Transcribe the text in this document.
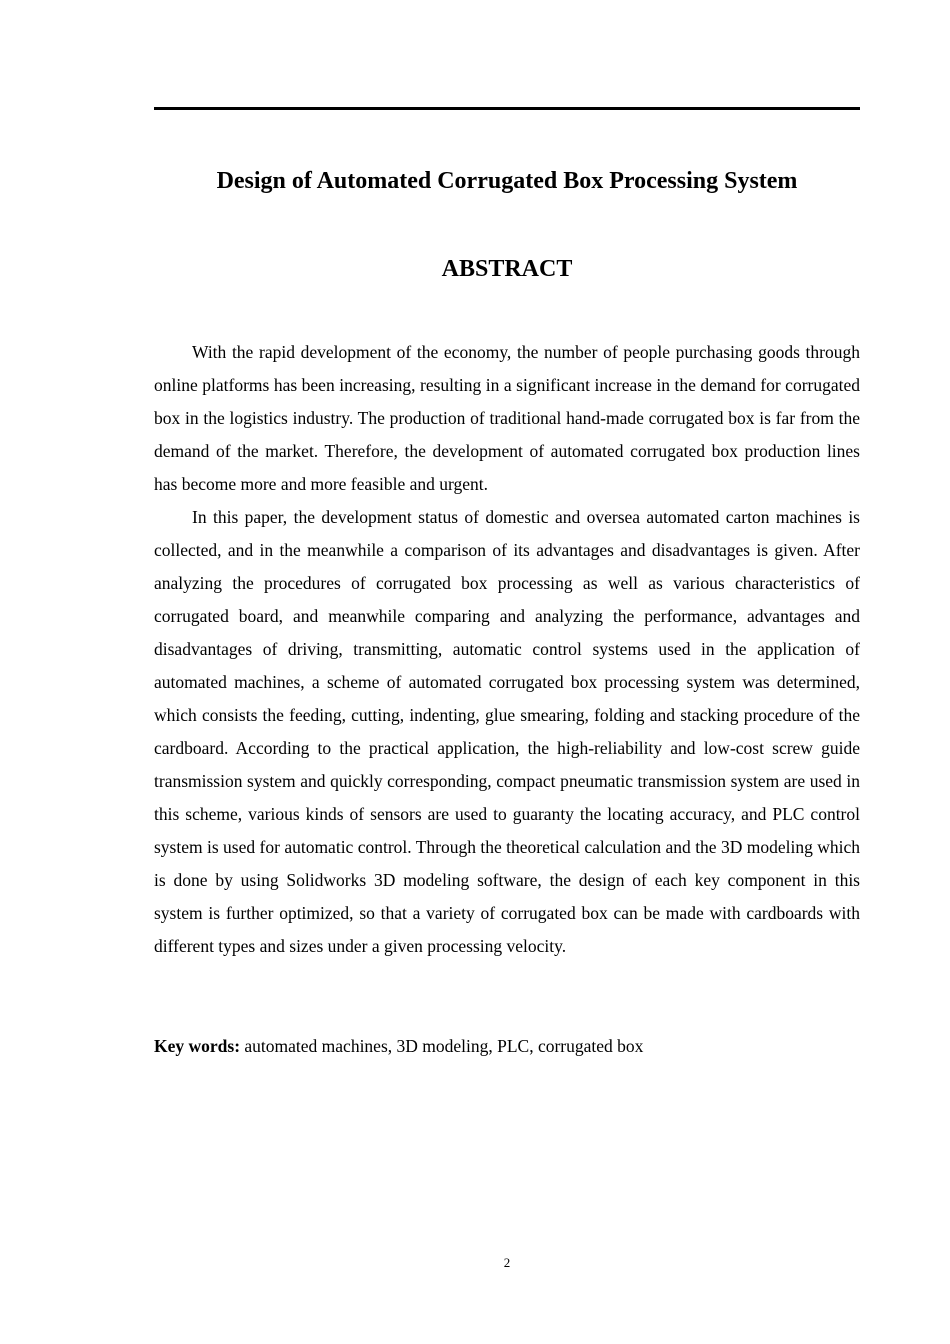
Design of Automated Corrugated Box Processing System
ABSTRACT

With the rapid development of the economy, the number of people purchasing goods through online platforms has been increasing, resulting in a significant increase in the demand for corrugated box in the logistics industry. The production of traditional hand-made corrugated box is far from the demand of the market. Therefore, the development of automated corrugated box production lines has become more and more feasible and urgent.

In this paper, the development status of domestic and oversea automated carton machines is collected, and in the meanwhile a comparison of its advantages and disadvantages is given. After analyzing the procedures of corrugated box processing as well as various characteristics of corrugated board, and meanwhile comparing and analyzing the performance, advantages and disadvantages of driving, transmitting, automatic control systems used in the application of automated machines, a scheme of automated corrugated box processing system was determined, which consists the feeding, cutting, indenting, glue smearing, folding and stacking procedure of the cardboard. According to the practical application, the high-reliability and low-cost screw guide transmission system and quickly corresponding, compact pneumatic transmission system are used in this scheme, various kinds of sensors are used to guaranty the locating accuracy, and PLC control system is used for automatic control. Through the theoretical calculation and the 3D modeling which is done by using Solidworks 3D modeling software, the design of each key component in this system is further optimized, so that a variety of corrugated box can be made with cardboards with different types and sizes under a given processing velocity.

Key words: automated machines, 3D modeling, PLC, corrugated box

2
